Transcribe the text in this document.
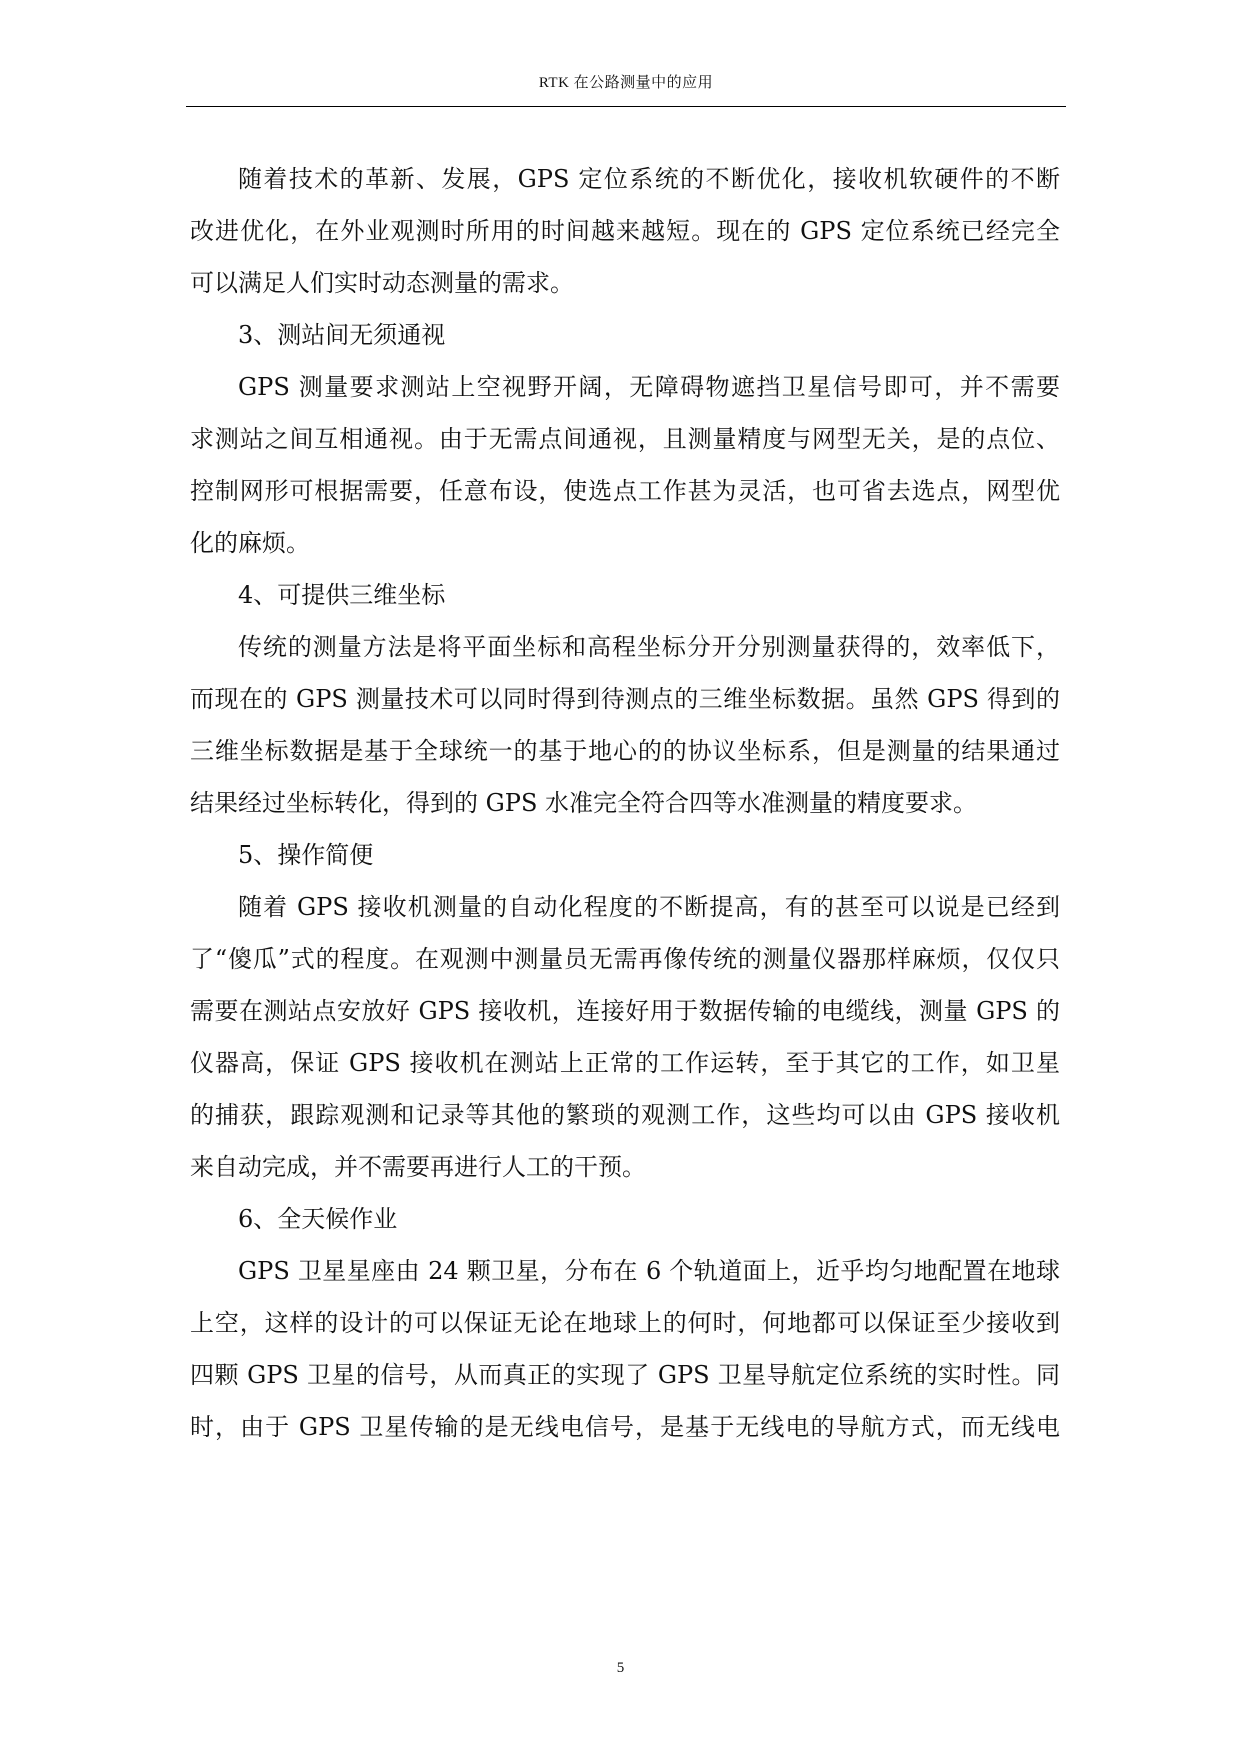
RTK 在公路测量中的应用
随着技术的革新、发展，GPS 定位系统的不断优化，接收机软硬件的不断
改进优化，在外业观测时所用的时间越来越短。现在的 GPS 定位系统已经完全
可以满足人们实时动态测量的需求。
3、测站间无须通视
GPS 测量要求测站上空视野开阔，无障碍物遮挡卫星信号即可，并不需要
求测站之间互相通视。由于无需点间通视，且测量精度与网型无关，是的点位、
控制网形可根据需要，任意布设，使选点工作甚为灵活，也可省去选点，网型优
化的麻烦。
4、可提供三维坐标
传统的测量方法是将平面坐标和高程坐标分开分别测量获得的，效率低下，
而现在的 GPS 测量技术可以同时得到待测点的三维坐标数据。虽然 GPS 得到的
三维坐标数据是基于全球统一的基于地心的的协议坐标系，但是测量的结果通过
结果经过坐标转化，得到的 GPS 水准完全符合四等水准测量的精度要求。
5、操作简便
随着 GPS 接收机测量的自动化程度的不断提高，有的甚至可以说是已经到
了“傻瓜”式的程度。在观测中测量员无需再像传统的测量仪器那样麻烦，仅仅只
需要在测站点安放好 GPS 接收机，连接好用于数据传输的电缆线，测量 GPS 的
仪器高，保证 GPS 接收机在测站上正常的工作运转，至于其它的工作，如卫星
的捕获，跟踪观测和记录等其他的繁琐的观测工作，这些均可以由 GPS 接收机
来自动完成，并不需要再进行人工的干预。
6、全天候作业
GPS 卫星星座由 24 颗卫星，分布在 6 个轨道面上，近乎均匀地配置在地球
上空，这样的设计的可以保证无论在地球上的何时，何地都可以保证至少接收到
四颗 GPS 卫星的信号，从而真正的实现了 GPS 卫星导航定位系统的实时性。同
时，由于 GPS 卫星传输的是无线电信号，是基于无线电的导航方式，而无线电
5
